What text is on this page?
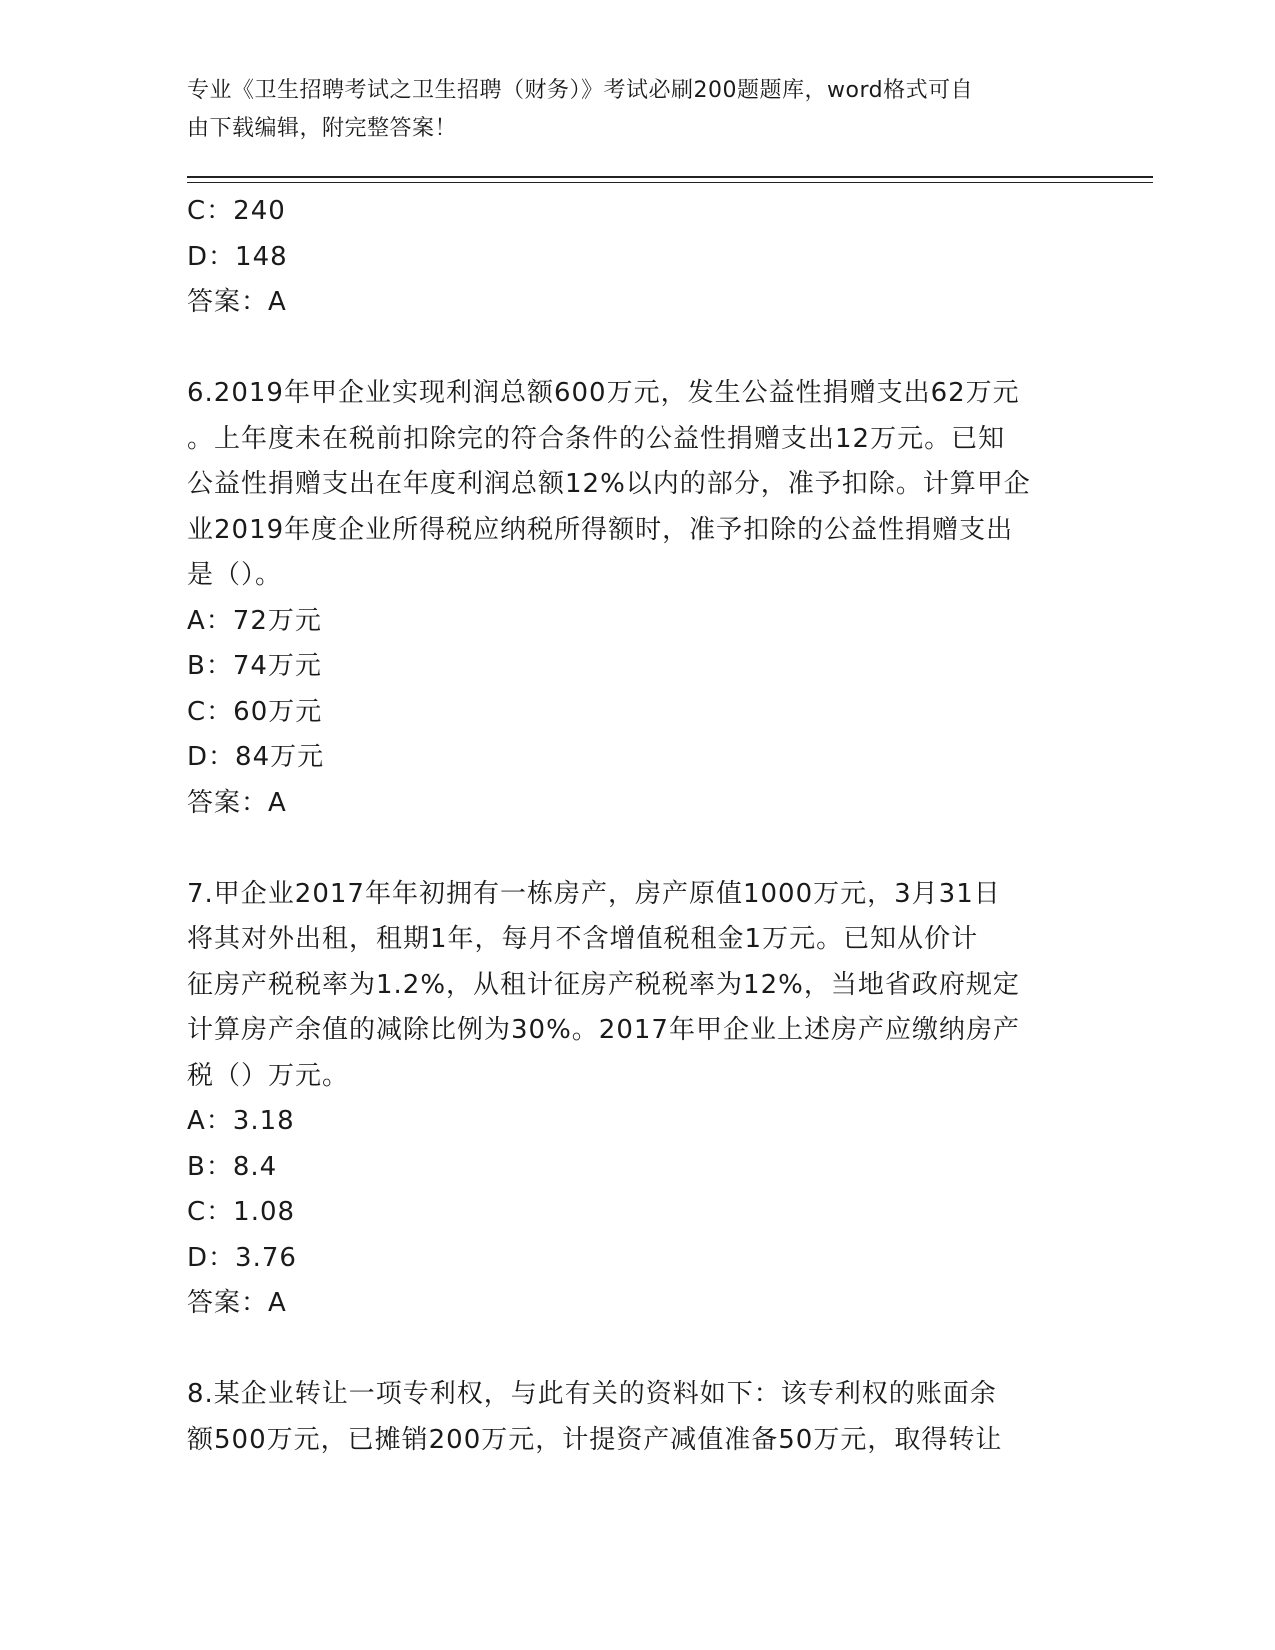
专业《卫生招聘考试之卫生招聘（财务）》考试必刷200题题库，word格式可自
由下载编辑，附完整答案！
C：240
D：148
答案：A
6.2019年甲企业实现利润总额600万元，发生公益性捐赠支出62万元
。上年度未在税前扣除完的符合条件的公益性捐赠支出12万元。已知
公益性捐赠支出在年度利润总额12%以内的部分，准予扣除。计算甲企
业2019年度企业所得税应纳税所得额时，准予扣除的公益性捐赠支出
是（）。
A：72万元
B：74万元
C：60万元
D：84万元
答案：A
7.甲企业2017年年初拥有一栋房产，房产原值1000万元，3月31日
将其对外出租，租期1年，每月不含增值税租金1万元。已知从价计
征房产税税率为1.2%，从租计征房产税税率为12%，当地省政府规定
计算房产余值的减除比例为30%。2017年甲企业上述房产应缴纳房产
税（）万元。
A：3.18
B：8.4
C：1.08
D：3.76
答案：A
8.某企业转让一项专利权，与此有关的资料如下：该专利权的账面余
额500万元，已摊销200万元，计提资产减值准备50万元，取得转让
